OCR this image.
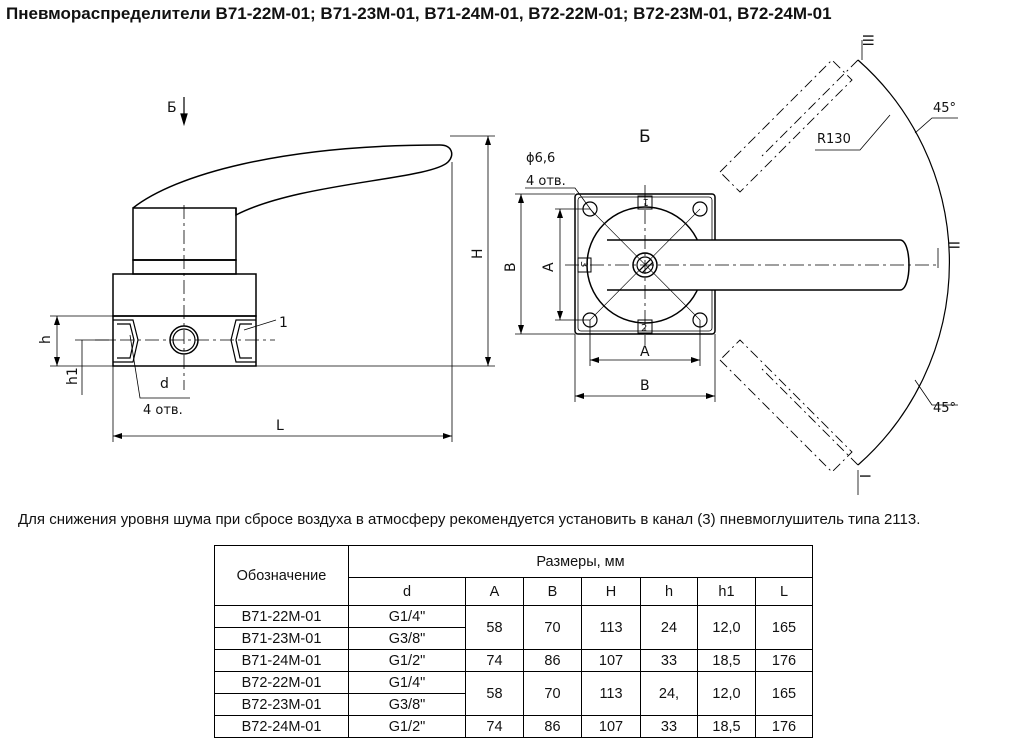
Пневмораспределители В71-22М-01; В71-23М-01, В71-24М-01, В72-22М-01; В72-23М-01, В72-24М-01
Б
Б
h
h1	d
4 отв.
L
H
1
ϕ6,6
4 отв.
B A
A
B
R130
45°
45°
III
II
I
1
2
3
Для снижения уровня шума при сбросе воздуха в атмосферу рекомендуется установить в канал (3) пневмоглушитель типа 2113.
Обозначение	Размеры, мм						
	d	A	B	H	h	h1	L
В71-22М-01	G1/4"	58	70	113	24	12,0	165
В71-23М-01	G3/8"						
В71-24М-01	G1/2"	74	86	107	33	18,5	176
В72-22М-01	G1/4"	58	70	113	24,	12,0	165
В72-23М-01	G3/8"						
В72-24М-01	G1/2"	74	86	107	33	18,5	176
